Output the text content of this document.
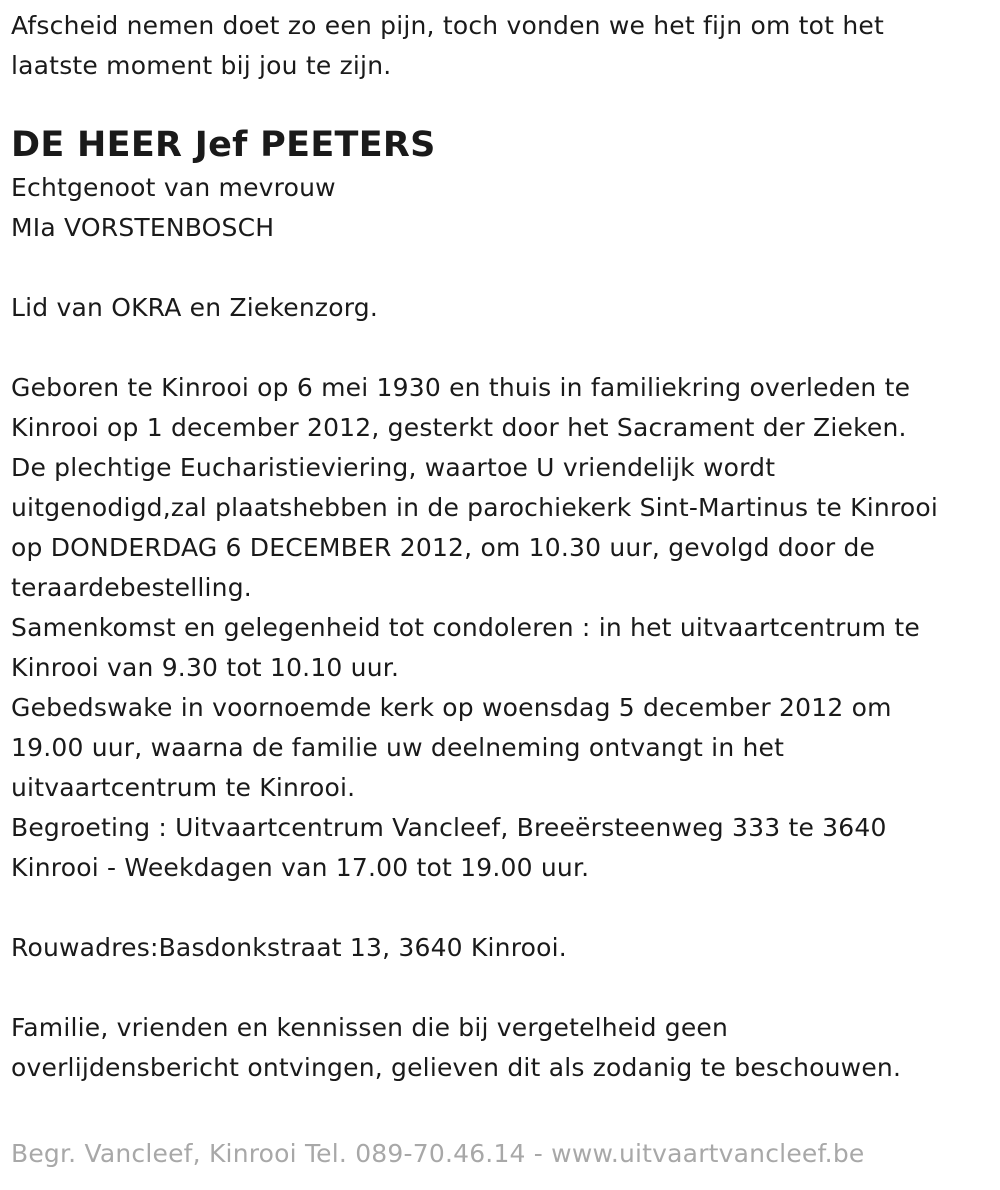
Afscheid nemen doet zo een pijn, toch vonden we het fijn om tot het
laatste moment bij jou te zijn.
DE HEER Jef PEETERS
Echtgenoot van mevrouw
MIa VORSTENBOSCH
Lid van OKRA en Ziekenzorg.
Geboren te Kinrooi op 6 mei 1930 en thuis in familiekring overleden te
Kinrooi op 1 december 2012, gesterkt door het Sacrament der Zieken.
De plechtige Eucharistieviering, waartoe U vriendelijk wordt
uitgenodigd,zal plaatshebben in de parochiekerk Sint-Martinus te Kinrooi
op DONDERDAG 6 DECEMBER 2012, om 10.30 uur, gevolgd door de
teraardebestelling.
Samenkomst en gelegenheid tot condoleren : in het uitvaartcentrum te
Kinrooi van 9.30 tot 10.10 uur.
Gebedswake in voornoemde kerk op woensdag 5 december 2012 om
19.00 uur, waarna de familie uw deelneming ontvangt in het
uitvaartcentrum te Kinrooi.
Begroeting : Uitvaartcentrum Vancleef, Breeërsteenweg 333 te 3640
Kinrooi - Weekdagen van 17.00 tot 19.00 uur.
Rouwadres:Basdonkstraat 13, 3640 Kinrooi.
Familie, vrienden en kennissen die bij vergetelheid geen
overlijdensbericht ontvingen, gelieven dit als zodanig te beschouwen.
Begr. Vancleef, Kinrooi Tel. 089-70.46.14 - www.uitvaartvancleef.be
